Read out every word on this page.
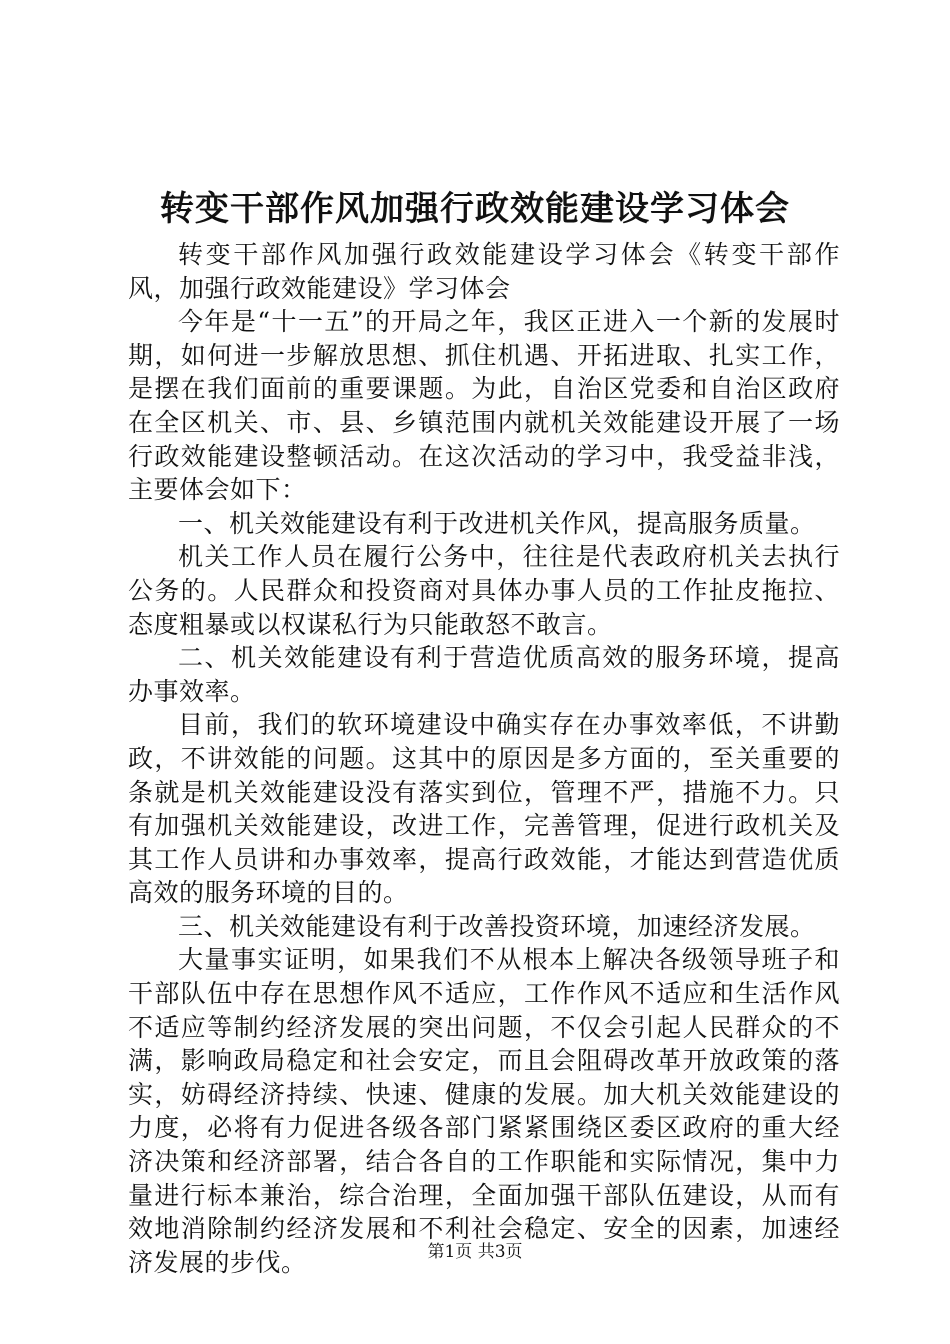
转变干部作风加强行政效能建设学习体会

转变干部作风加强行政效能建设学习体会《转变干部作风，加强行政效能建设》学习体会

今年是“十一五”的开局之年，我区正进入一个新的发展时期，如何进一步解放思想、抓住机遇、开拓进取、扎实工作，是摆在我们面前的重要课题。为此，自治区党委和自治区政府在全区机关、市、县、乡镇范围内就机关效能建设开展了一场行政效能建设整顿活动。在这次活动的学习中，我受益非浅，主要体会如下：

一、机关效能建设有利于改进机关作风，提高服务质量。

机关工作人员在履行公务中，往往是代表政府机关去执行公务的。人民群众和投资商对具体办事人员的工作扯皮拖拉、态度粗暴或以权谋私行为只能敢怒不敢言。

二、机关效能建设有利于营造优质高效的服务环境，提高办事效率。

目前，我们的软环境建设中确实存在办事效率低，不讲勤政，不讲效能的问题。这其中的原因是多方面的，至关重要的条就是机关效能建设没有落实到位，管理不严，措施不力。只有加强机关效能建设，改进工作，完善管理，促进行政机关及其工作人员讲和办事效率，提高行政效能，才能达到营造优质高效的服务环境的目的。

三、机关效能建设有利于改善投资环境，加速经济发展。

大量事实证明，如果我们不从根本上解决各级领导班子和干部队伍中存在思想作风不适应，工作作风不适应和生活作风不适应等制约经济发展的突出问题，不仅会引起人民群众的不满，影响政局稳定和社会安定，而且会阻碍改革开放政策的落实，妨碍经济持续、快速、健康的发展。加大机关效能建设的力度，必将有力促进各级各部门紧紧围绕区委区政府的重大经济决策和经济部署，结合各自的工作职能和实际情况，集中力量进行标本兼治，综合治理，全面加强干部队伍建设，从而有效地消除制约经济发展和不利社会稳定、安全的因素，加速经济发展的步伐。	第1页 共3页
